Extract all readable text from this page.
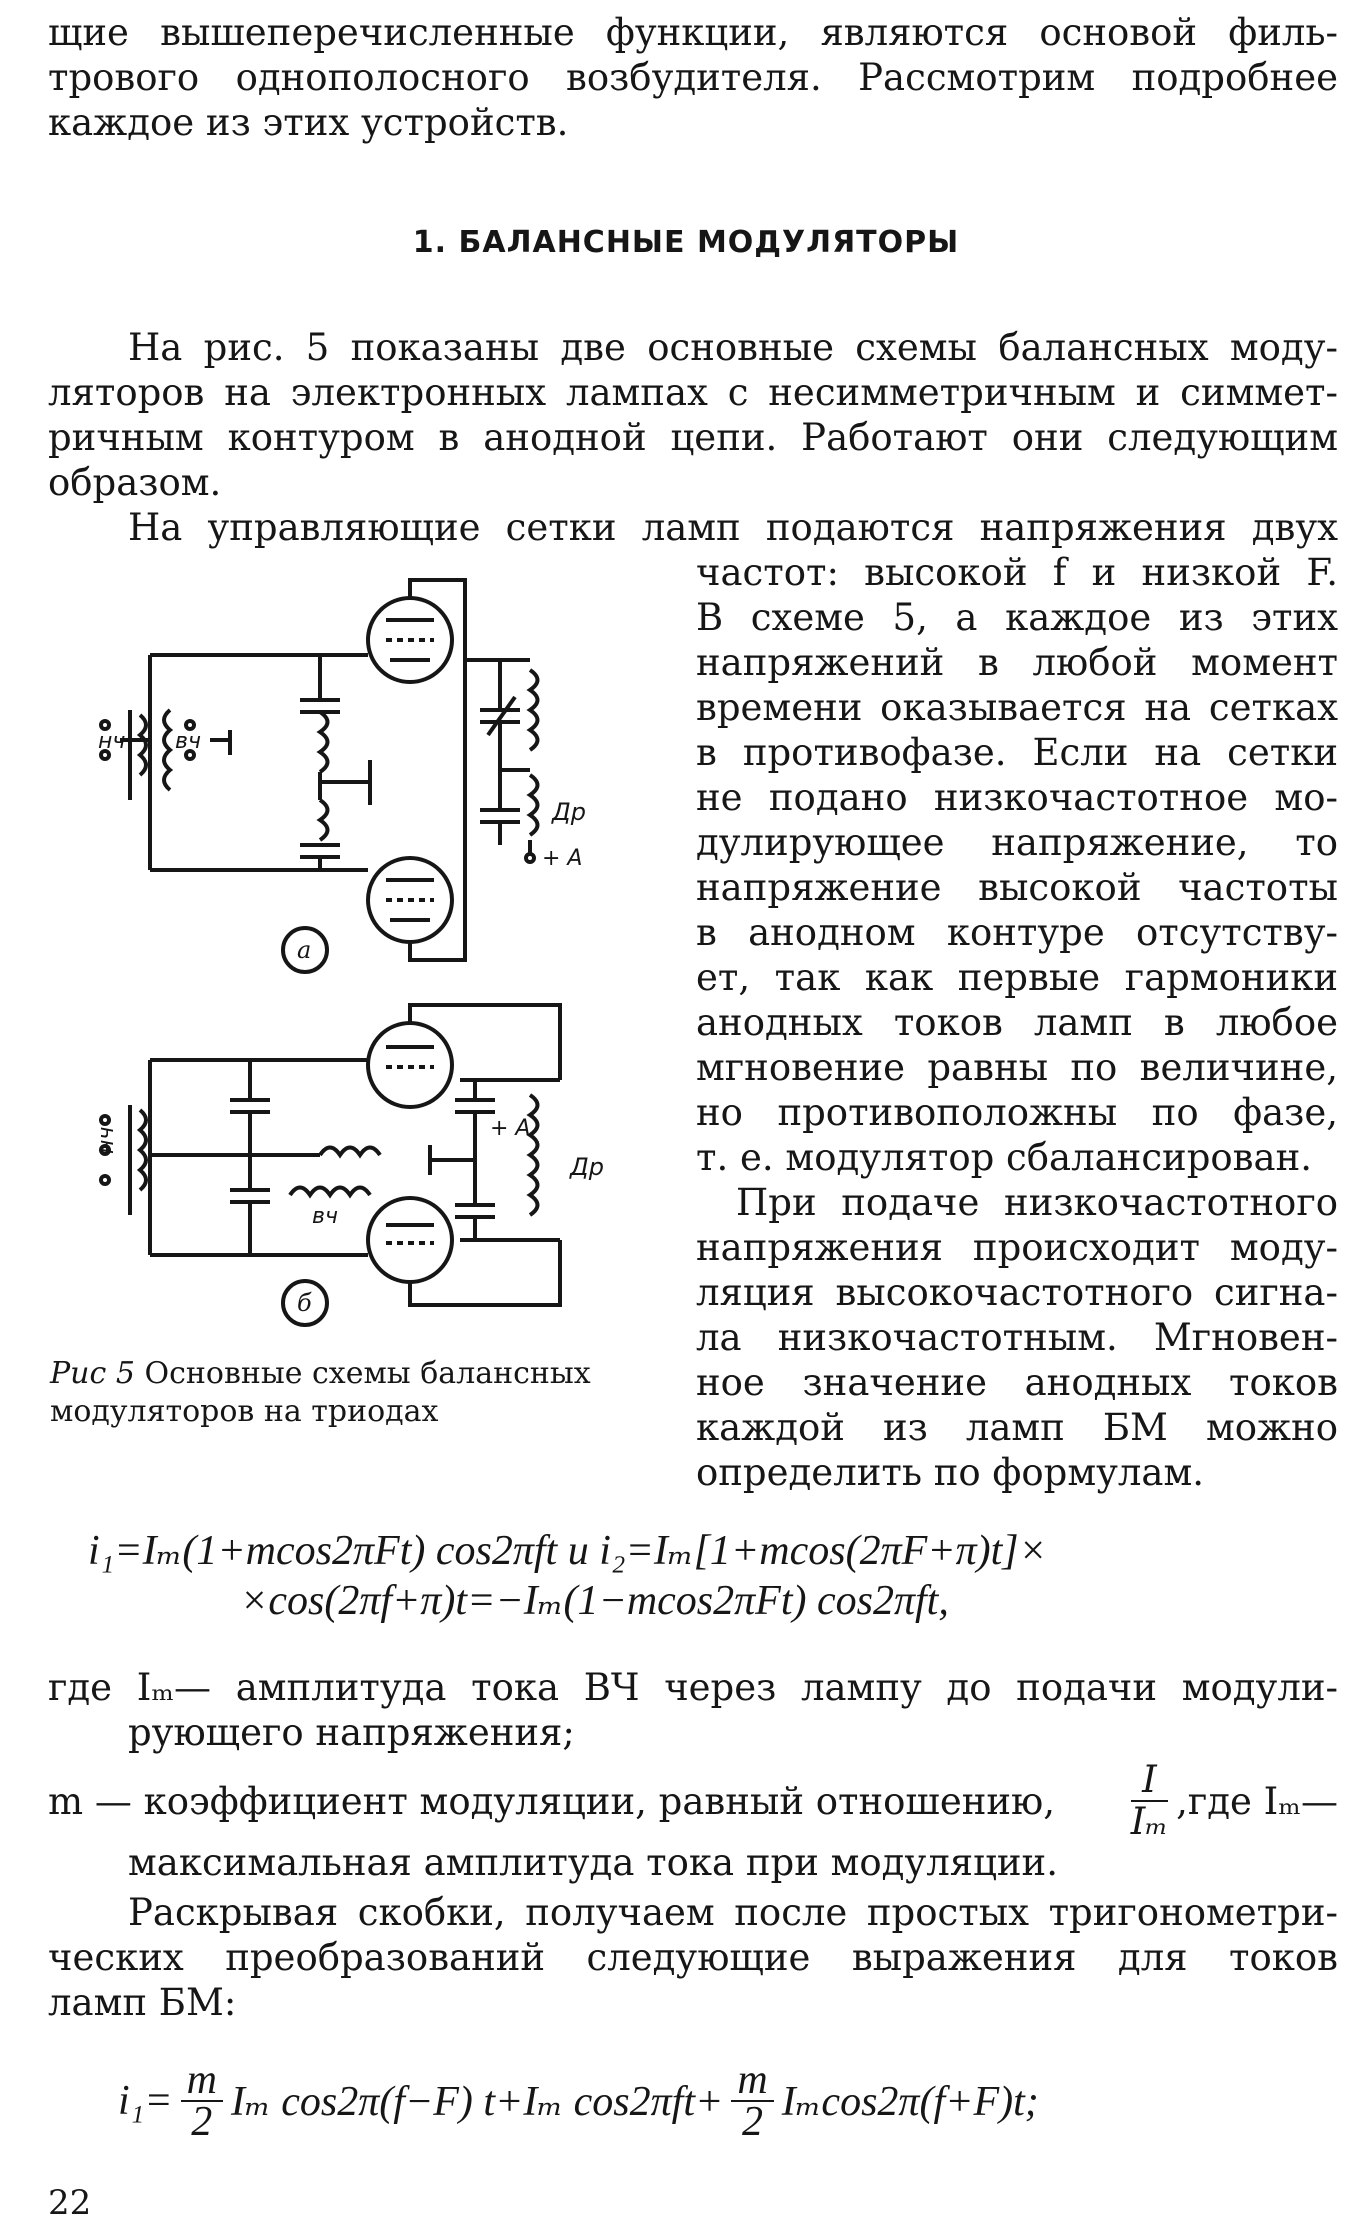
щие вышеперечисленные функции, являются основой филь-
трового однополосного возбудителя. Рассмотрим подробнее
каждое из этих устройств.
1. БАЛАНСНЫЕ МОДУЛЯТОРЫ
На рис. 5 показаны две основные схемы балансных моду-
ляторов на электронных лампах с несимметричным и симмет-
ричным контуром в анодной цепи. Работают они следующим
образом.
На управляющие сетки ламп подаются напряжения двух
частот: высокой f и низкой F.
В схеме 5, а каждое из этих
напряжений в любой момент
времени оказывается на сетках
в противофазе. Если на сетки
не подано низкочастотное мо-
дулирующее напряжение, то
напряжение высокой частоты
в анодном контуре отсутству-
ет, так как первые гармоники
анодных токов ламп в любое
мгновение равны по величине,
но противоположны по фазе,
т. е. модулятор сбалансирован.
При подаче низкочастотного
напряжения происходит моду-
ляция высокочастотного сигна-
ла низкочастотным. Мгновен-
ное значение анодных токов
каждой из ламп БМ можно
определить по формулам.
а
нч вч
Др
+ А
б
нч
вч
Др
+ А
Рис 5 Основные схемы балансных
модуляторов на триодах
i₁=Iₘ(1+mcos2πFt) cos2πft и i₂=Iₘ[1+mcos(2πF+π)t]×
×cos(2πf+π)t=−Iₘ(1−mcos2πFt) cos2πft,
где Iₘ— амплитуда тока ВЧ через лампу до подачи модули-
рующего напряжения;
m — коэффициент модуляции, равный отношению, $\frac{I}{\text{Iₘ}} ,где$ Iₘ—
максимальная амплитуда тока при модуляции.
Раскрывая скобки, получаем после простых тригонометри-
ческих преобразований следующие выражения для токов
ламп БМ:
$i_1= \frac{m}{2}$ Iₘ cos2π(f−F) t+Iₘ $\cos 2\pi ft+ \frac{m}{2} I_m\cos 2\pi(f+F)t$;
22
